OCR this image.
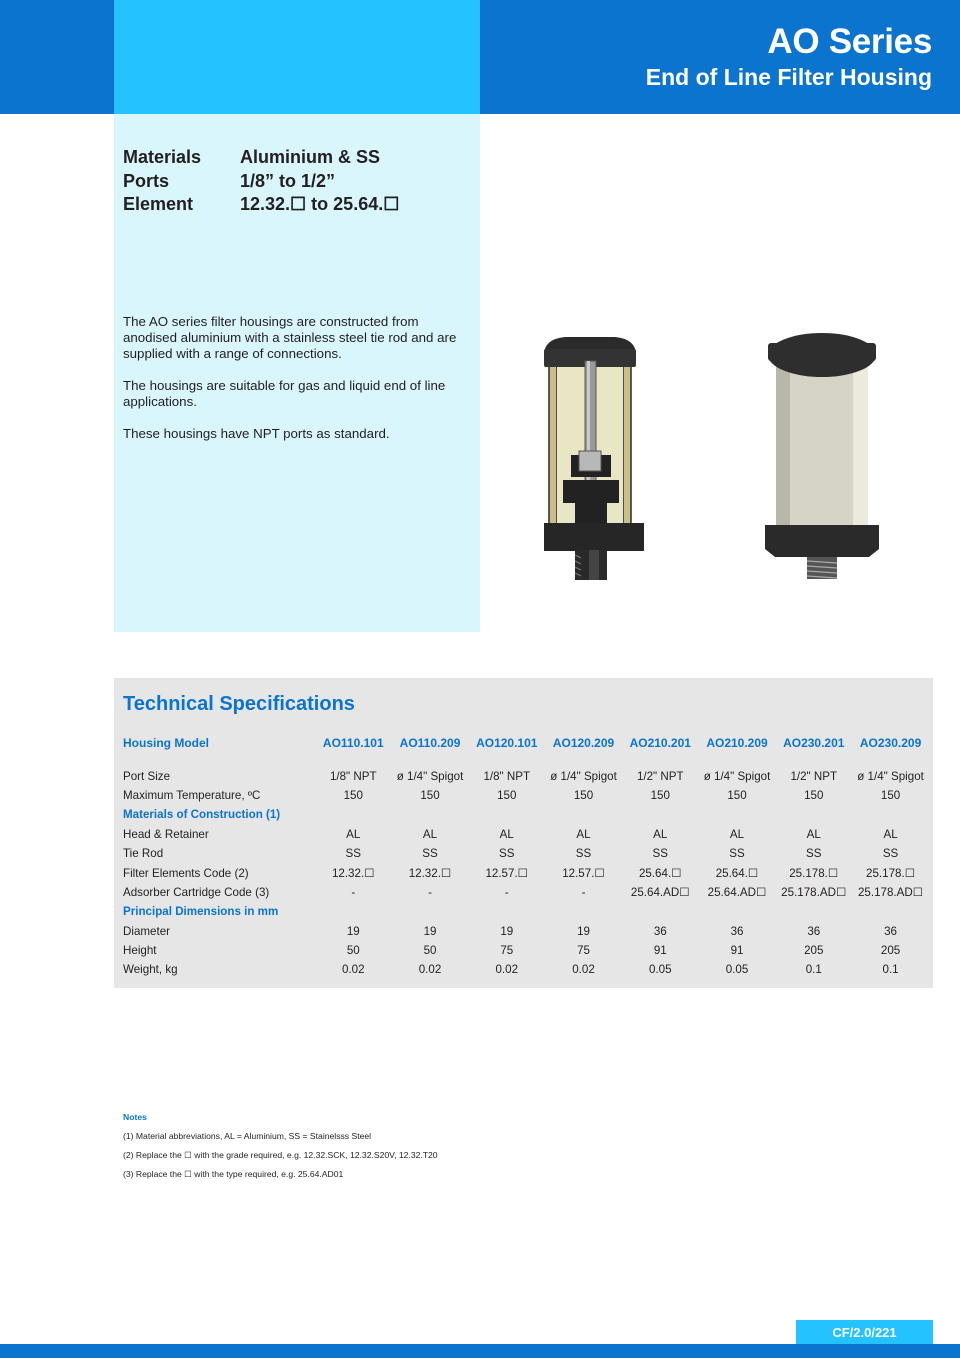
AO Series
End of Line Filter Housing
Materials	Aluminium & SS
Ports	1/8” to 1/2”
Element	12.32.☐ to 25.64.☐

The AO series filter housings are constructed from anodised aluminium with a stainless steel tie rod and are supplied with a range of connections.

The housings are suitable for gas and liquid end of line applications.

These housings have NPT ports as standard.

Technical Specifications
Housing Model	AO110.101	AO110.209	AO120.101	AO120.209	AO210.201	AO210.209	AO230.201	AO230.209

Port Size	1/8" NPT	ø 1/4" Spigot	1/8" NPT	ø 1/4" Spigot	1/2" NPT	ø 1/4" Spigot	1/2" NPT	ø 1/4" Spigot
Maximum Temperature, ºC	150	150	150	150	150	150	150	150
Materials of Construction (1)								
Head & Retainer	AL	AL	AL	AL	AL	AL	AL	AL
Tie Rod	SS	SS	SS	SS	SS	SS	SS	SS
Filter Elements Code (2)	12.32.☐	12.32.☐	12.57.☐	12.57.☐	25.64.☐	25.64.☐	25.178.☐	25.178.☐
Adsorber Cartridge Code (3)	-	-	-	-	25.64.AD☐	25.64.AD☐	25.178.AD☐	25.178.AD☐
Principal Dimensions in mm								
Diameter	19	19	19	19	36	36	36	36
Height	50	50	75	75	91	91	205	205
Weight, kg	0.02	0.02	0.02	0.02	0.05	0.05	0.1	0.1
Notes
(1) Material abbreviations, AL = Aluminium, SS = Stainelsss Steel
(2) Replace the ☐ with the grade required, e.g. 12.32.SCK, 12.32.S20V, 12.32.T20
(3) Replace the ☐ with the type required, e.g. 25.64.AD01
CF/2.0/221
